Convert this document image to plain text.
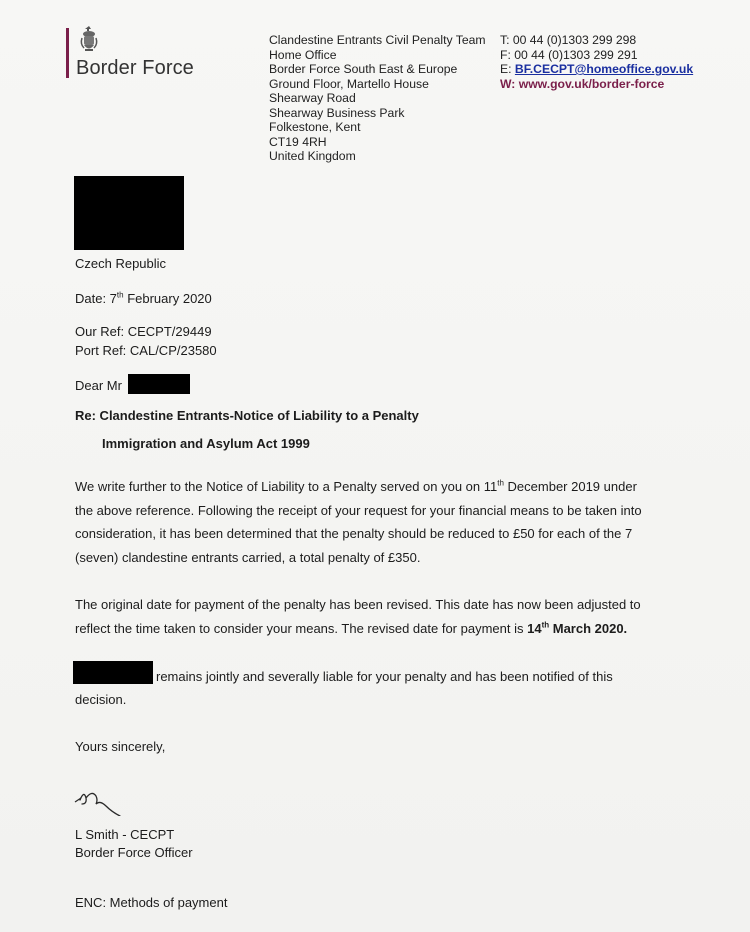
Border Force
Clandestine Entrants Civil Penalty Team
Home Office
Border Force South East & Europe
Ground Floor, Martello House
Shearway Road
Shearway Business Park
Folkestone, Kent
CT19 4RH
United Kingdom
T: 00 44 (0)1303 299 298
F: 00 44 (0)1303 299 291
E: BF.CECPT@homeoffice.gov.uk
W: www.gov.uk/border-force
Czech Republic
Date: 7th February 2020
Our Ref: CECPT/29449
Port Ref: CAL/CP/23580
Dear Mr
Re: Clandestine Entrants-Notice of Liability to a Penalty
Immigration and Asylum Act 1999
We write further to the Notice of Liability to a Penalty served on you on 11th December 2019 under
the above reference. Following the receipt of your request for your financial means to be taken into
consideration, it has been determined that the penalty should be reduced to £50 for each of the 7
(seven) clandestine entrants carried, a total penalty of £350.
The original date for payment of the penalty has been revised. This date has now been adjusted to
reflect the time taken to consider your means. The revised date for payment is 14th March 2020.
remains jointly and severally liable for your penalty and has been notified of this
decision.
Yours sincerely,
L Smith - CECPT
Border Force Officer
ENC: Methods of payment
